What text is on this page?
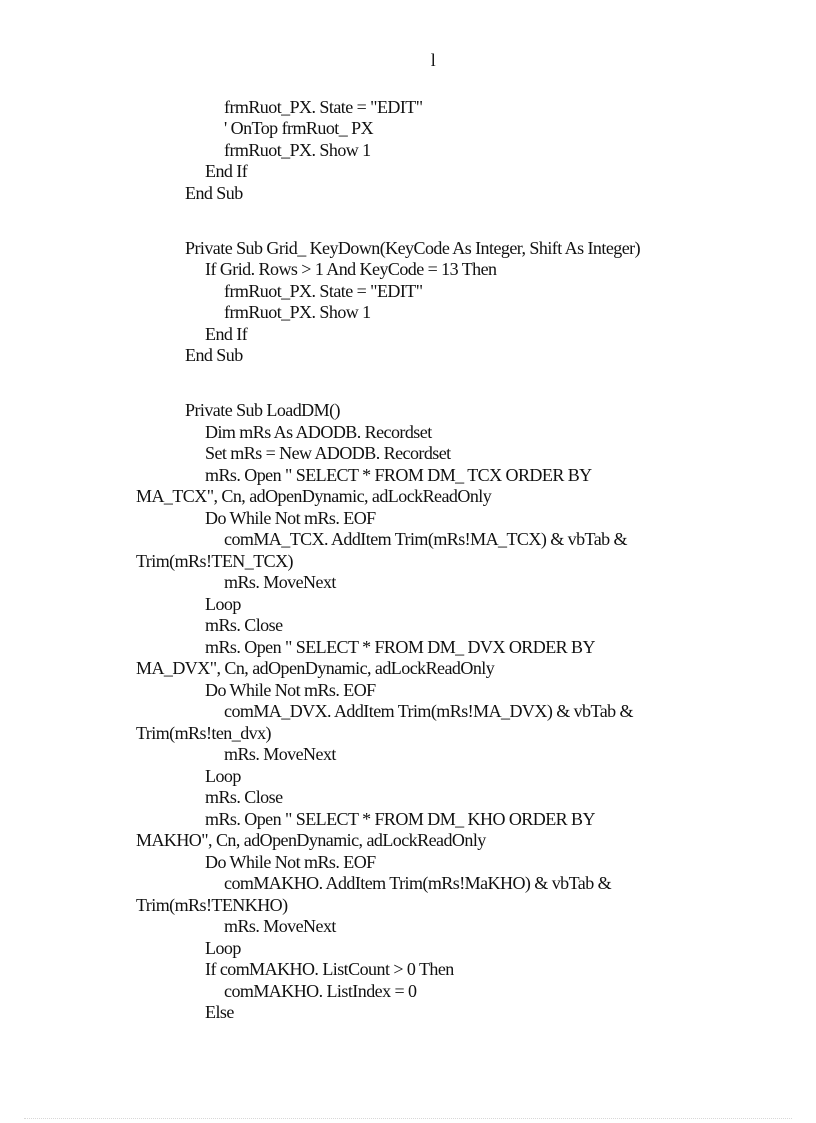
l
frmRuot_PX. State = "EDIT"
' OnTop frmRuot_ PX
frmRuot_PX. Show 1
End If
End Sub
Private Sub Grid_ KeyDown(KeyCode As Integer, Shift As Integer)
If Grid. Rows > 1 And KeyCode = 13 Then
frmRuot_PX. State = "EDIT"
frmRuot_PX. Show 1
End If
End Sub
Private Sub LoadDM()
Dim mRs As ADODB. Recordset
Set mRs = New ADODB. Recordset
mRs. Open " SELECT * FROM DM_ TCX ORDER BY
MA_TCX", Cn, adOpenDynamic, adLockReadOnly
Do While Not mRs. EOF
comMA_TCX. AddItem Trim(mRs!MA_TCX) & vbTab &
Trim(mRs!TEN_TCX)
mRs. MoveNext
Loop
mRs. Close
mRs. Open " SELECT * FROM DM_ DVX ORDER BY
MA_DVX", Cn, adOpenDynamic, adLockReadOnly
Do While Not mRs. EOF
comMA_DVX. AddItem Trim(mRs!MA_DVX) & vbTab &
Trim(mRs!ten_dvx)
mRs. MoveNext
Loop
mRs. Close
mRs. Open " SELECT * FROM DM_ KHO ORDER BY
MAKHO", Cn, adOpenDynamic, adLockReadOnly
Do While Not mRs. EOF
comMAKHO. AddItem Trim(mRs!MaKHO) & vbTab &
Trim(mRs!TENKHO)
mRs. MoveNext
Loop
If comMAKHO. ListCount > 0 Then
comMAKHO. ListIndex = 0
Else
